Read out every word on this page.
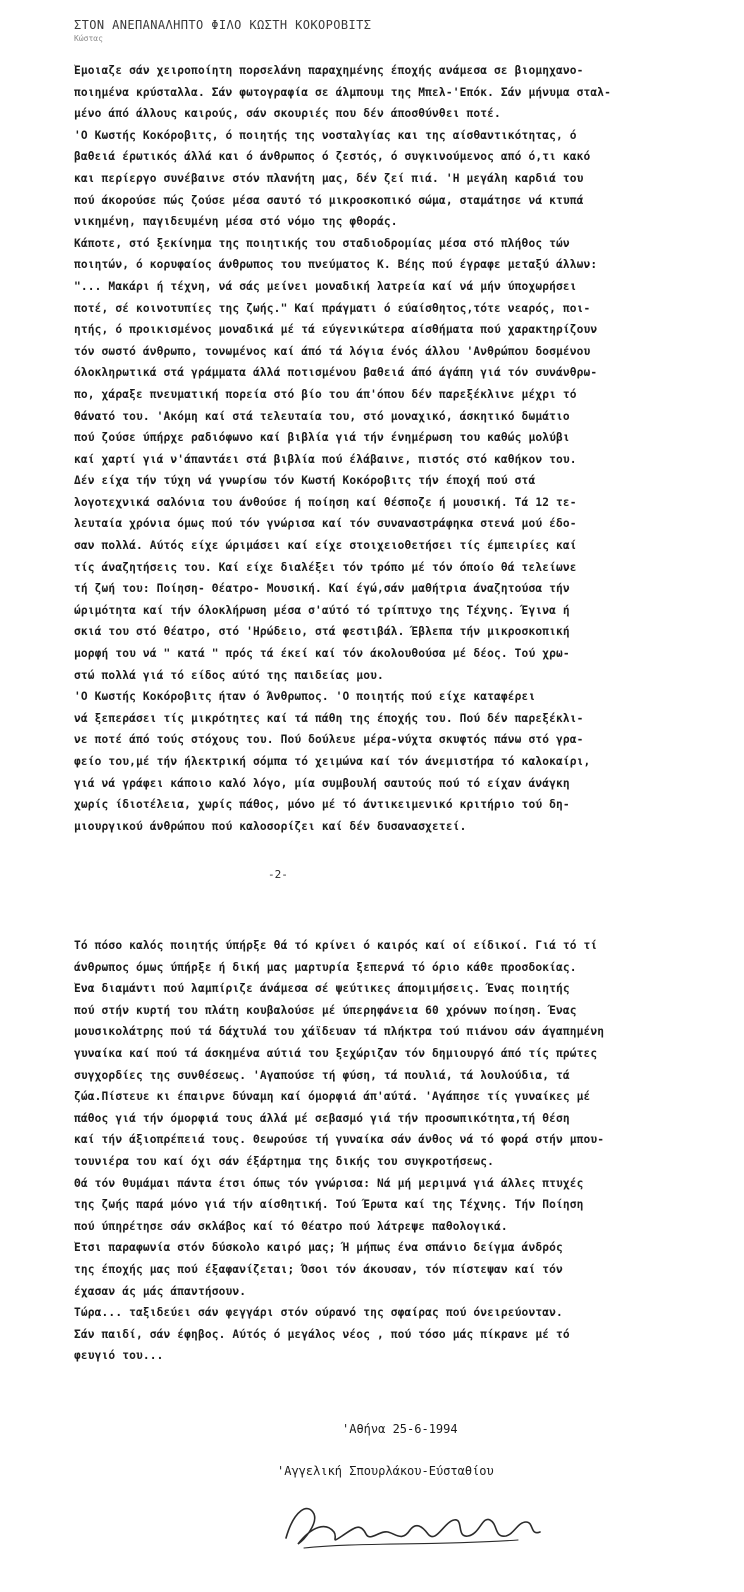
ΣΤΟΝ ΑΝΕΠΑΝΑΛΗΠΤΟ ΦΙΛΟ ΚΩΣΤΗ ΚΟΚΟΡΟΒΙΤΣ
Κώστας
Έμοιαζε σάν χειροποίητη πορσελάνη παραχημένης έποχής ανάμεσα σε βιομηχανο-
ποιημένα κρύσταλλα. Σάν φωτογραφία σε άλμπουμ της Μπελ-'Επόκ. Σάν μήνυμα σταλ-
μένο άπό άλλους καιρούς, σάν σκουριές που δέν άποσθύνθει ποτέ.
'Ο Κωστής Κοκόροβιτς, ό ποιητής της νοσταλγίας και της αίσθαντικότητας, ό
βαθειά έρωτικός άλλά και ό άνθρωπος ό ζεστός, ό συγκινούμενος από ό,τι κακό
και περίεργο συνέβαινε στόν πλανήτη μας, δέν ζεί πιά. 'Η μεγάλη καρδιά του
πού άκορούσε πώς ζούσε μέσα σαυτό τό μικροσκοπικό σώμα, σταμάτησε νά κτυπά
νικημένη, παγιδευμένη μέσα στό νόμο της φθοράς.
Κάποτε, στό ξεκίνημα της ποιητικής του σταδιοδρομίας μέσα στό πλήθος τών
ποιητών, ό κορυφαίος άνθρωπος του πνεύματος Κ. Βέης πού έγραφε μεταξύ άλλων:
"... Μακάρι ή τέχνη, νά σάς μείνει μοναδική λατρεία καί νά μήν ύποχωρήσει
ποτέ, σέ κοινοτυπίες της ζωής." Καί πράγματι ό εύαίσθητος,τότε νεαρός, ποι-
ητής, ό προικισμένος μοναδικά μέ τά εύγενικώτερα αίσθήματα πού χαρακτηρίζουν
τόν σωστό άνθρωπο, τονωμένος καί άπό τά λόγια ένός άλλου 'Ανθρώπου δοσμένου
όλοκληρωτικά στά γράμματα άλλά ποτισμένου βαθειά άπό άγάπη γιά τόν συνάνθρω-
πο, χάραξε πνευματική πορεία στό βίο του άπ'όπου δέν παρεξέκλινε μέχρι τό
θάνατό του. 'Ακόμη καί στά τελευταία του, στό μοναχικό, άσκητικό δωμάτιο
πού ζούσε ύπήρχε ραδιόφωνο καί βιβλία γιά τήν ένημέρωση του καθώς μολύβι
καί χαρτί γιά ν'άπαντάει στά βιβλία πού έλάβαινε, πιστός στό καθήκον του.
Δέν είχα τήν τύχη νά γνωρίσω τόν Κωστή Κοκόροβιτς τήν έποχή πού στά
λογοτεχνικά σαλόνια του άνθούσε ή ποίηση καί θέσποζε ή μουσική. Τά 12 τε-
λευταία χρόνια όμως πού τόν γνώρισα καί τόν συναναστράφηκα στενά μού έδο-
σαν πολλά. Αύτός είχε ώριμάσει καί είχε στοιχειοθετήσει τίς έμπειρίες καί
τίς άναζητήσεις του. Καί είχε διαλέξει τόν τρόπο μέ τόν όποίο θά τελείωνε
τή ζωή του: Ποίηση- Θέατρο- Μουσική. Καί έγώ,σάν μαθήτρια άναζητούσα τήν
ώριμότητα καί τήν όλοκλήρωση μέσα σ'αύτό τό τρίπτυχο της Τέχνης. Έγινα ή
σκιά του στό θέατρο, στό 'Ηρώδειο, στά φεστιβάλ. Έβλεπα τήν μικροσκοπική
μορφή του νά " κατά " πρός τά έκεί καί τόν άκολουθούσα μέ δέος. Τού χρω-
στώ πολλά γιά τό είδος αύτό της παιδείας μου.
'Ο Κωστής Κοκόροβιτς ήταν ό Άνθρωπος. 'Ο ποιητής πού είχε καταφέρει
νά ξεπεράσει τίς μικρότητες καί τά πάθη της έποχής του. Πού δέν παρεξέκλι-
νε ποτέ άπό τούς στόχους του. Πού δούλευε μέρα-νύχτα σκυφτός πάνω στό γρα-
φείο του,μέ τήν ήλεκτρική σόμπα τό χειμώνα καί τόν άνεμιστήρα τό καλοκαίρι,
γιά νά γράφει κάποιο καλό λόγο, μία συμβουλή σαυτούς πού τό είχαν άνάγκη
χωρίς ίδιοτέλεια, χωρίς πάθος, μόνο μέ τό άντικειμενικό κριτήριο τού δη-
μιουργικού άνθρώπου πού καλοσορίζει καί δέν δυσανασχετεί.
-2-
Τό πόσο καλός ποιητής ύπήρξε θά τό κρίνει ό καιρός καί οί είδικοί. Γιά τό τί
άνθρωπος όμως ύπήρξε ή δική μας μαρτυρία ξεπερνά τό όριο κάθε προσδοκίας.
Ένα διαμάντι πού λαμπίριζε άνάμεσα σέ ψεύτικες άπομιμήσεις. Ένας ποιητής
πού στήν κυρτή του πλάτη κουβαλούσε μέ ύπερηφάνεια 60 χρόνων ποίηση. Ένας
μουσικολάτρης πού τά δάχτυλά του χάϊδευαν τά πλήκτρα τού πιάνου σάν άγαπημένη
γυναίκα καί πού τά άσκημένα αύτιά του ξεχώριζαν τόν δημιουργό άπό τίς πρώτες
συγχορδίες της συνθέσεως. 'Αγαπούσε τή φύση, τά πουλιά, τά λουλούδια, τά
ζώα.Πίστευε κι έπαιρνε δύναμη καί όμορφιά άπ'αύτά. 'Αγάπησε τίς γυναίκες μέ
πάθος γιά τήν όμορφιά τους άλλά μέ σεβασμό γιά τήν προσωπικότητα,τή θέση
καί τήν άξιοπρέπειά τους. Θεωρούσε τή γυναίκα σάν άνθος νά τό φορά στήν μπου-
τουνιέρα του καί όχι σάν έξάρτημα της δικής του συγκροτήσεως.
Θά τόν θυμάμαι πάντα έτσι όπως τόν γνώρισα: Νά μή μεριμνά γιά άλλες πτυχές
της ζωής παρά μόνο γιά τήν αίσθητική. Τού Έρωτα καί της Τέχνης. Τήν Ποίηση
πού ύπηρέτησε σάν σκλάβος καί τό Θέατρο πού λάτρεψε παθολογικά.
Έτσι παραφωνία στόν δύσκολο καιρό μας; Ή μήπως ένα σπάνιο δείγμα άνδρός
της έποχής μας πού έξαφανίζεται; Όσοι τόν άκουσαν, τόν πίστεψαν καί τόν
έχασαν άς μάς άπαντήσουν.
Τώρα... ταξιδεύει σάν φεγγάρι στόν ούρανό της σφαίρας πού όνειρεύονταν.
Σάν παιδί, σάν έφηβος. Αύτός ό μεγάλος νέος , πού τόσο μάς πίκρανε μέ τό
φευγιό του...
'Αθήνα 25-6-1994
'Αγγελική Σπουρλάκου-Εύσταθίου
